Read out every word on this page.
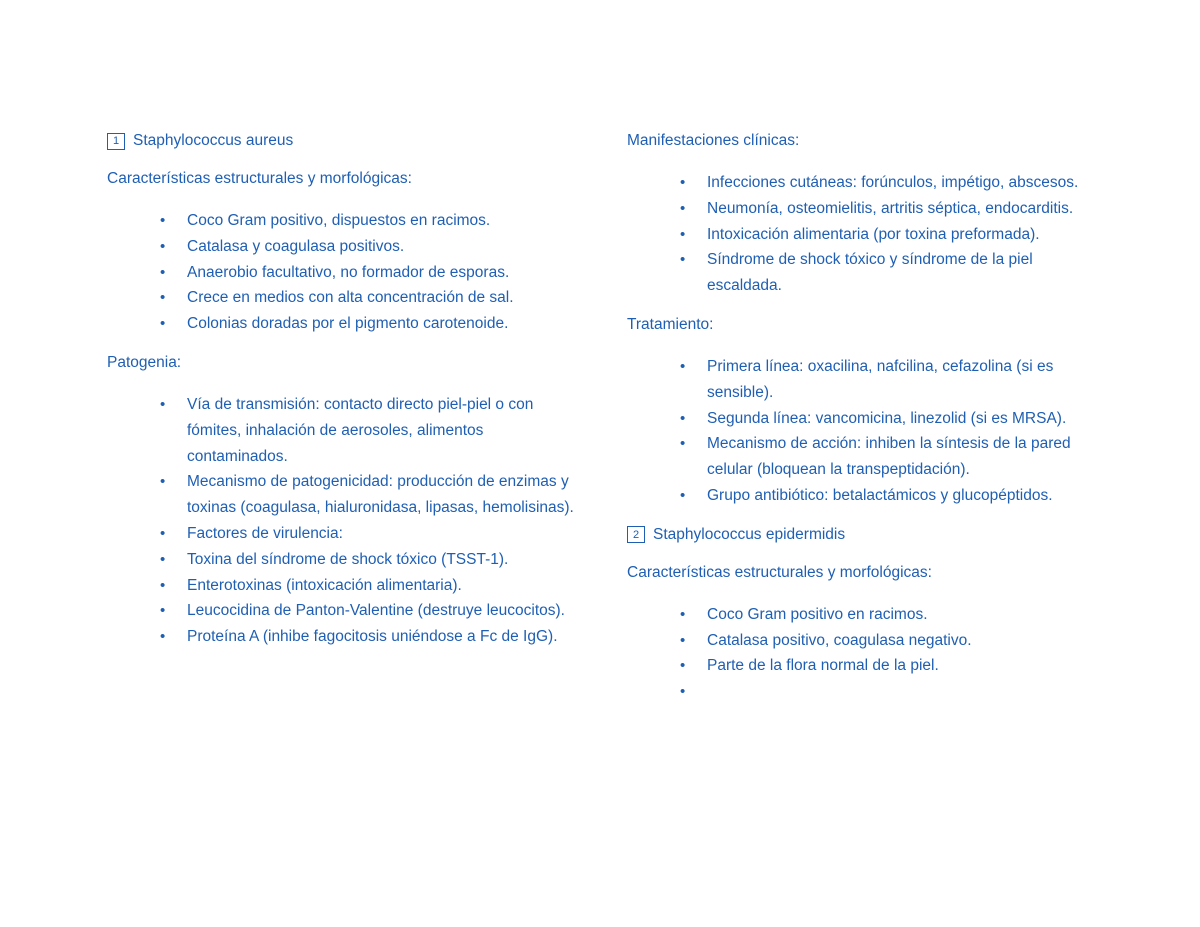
1 Staphylococcus aureus
Características estructurales y morfológicas:
• Coco Gram positivo, dispuestos en racimos.
• Catalasa y coagulasa positivos.
• Anaerobio facultativo, no formador de esporas.
• Crece en medios con alta concentración de sal.
• Colonias doradas por el pigmento carotenoide.
Patogenia:
• Vía de transmisión: contacto directo piel-piel o con fómites, inhalación de aerosoles, alimentos contaminados.
• Mecanismo de patogenicidad: producción de enzimas y toxinas (coagulasa, hialuronidasa, lipasas, hemolisinas).
• Factores de virulencia:
• Toxina del síndrome de shock tóxico (TSST-1).
• Enterotoxinas (intoxicación alimentaria).
• Leucocidina de Panton-Valentine (destruye leucocitos).
• Proteína A (inhibe fagocitosis uniéndose a Fc de IgG).
Manifestaciones clínicas:
• Infecciones cutáneas: forúnculos, impétigo, abscesos.
• Neumonía, osteomielitis, artritis séptica, endocarditis.
• Intoxicación alimentaria (por toxina preformada).
• Síndrome de shock tóxico y síndrome de la piel escaldada.
Tratamiento:
• Primera línea: oxacilina, nafcilina, cefazolina (si es sensible).
• Segunda línea: vancomicina, linezolid (si es MRSA).
• Mecanismo de acción: inhiben la síntesis de la pared celular (bloquean la transpeptidación).
• Grupo antibiótico: betalactámicos y glucopéptidos.
2 Staphylococcus epidermidis
Características estructurales y morfológicas:
• Coco Gram positivo en racimos.
• Catalasa positivo, coagulasa negativo.
• Parte de la flora normal de la piel.
•
